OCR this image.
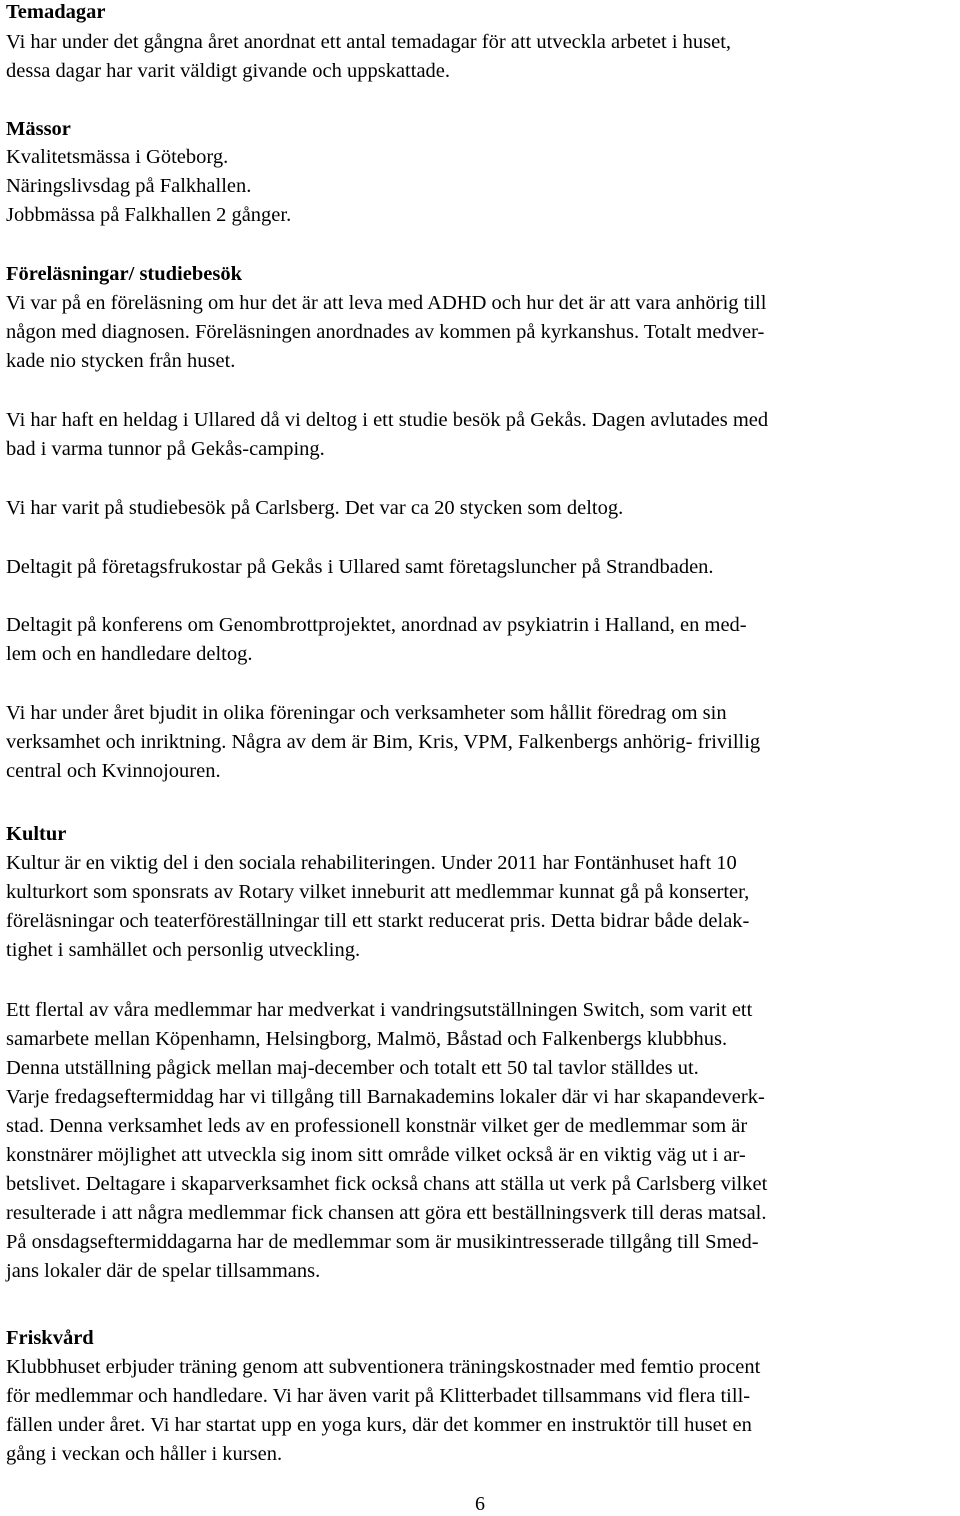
Temadagar
Vi har under det gångna året anordnat ett antal temadagar för att utveckla arbetet i huset,
dessa dagar har varit väldigt givande och uppskattade.
Mässor
Kvalitetsmässa i Göteborg.
Näringslivsdag på Falkhallen.
Jobbmässa på Falkhallen 2 gånger.
Föreläsningar/ studiebesök
Vi var på en föreläsning om hur det är att leva med ADHD och hur det är att vara anhörig till
någon med diagnosen. Föreläsningen anordnades av kommen på kyrkanshus. Totalt medver-
kade nio stycken från huset.
Vi har haft en heldag i Ullared då vi deltog i ett studie besök på Gekås. Dagen avlutades med
bad i varma tunnor på Gekås-camping.
Vi har varit på studiebesök på Carlsberg. Det var ca 20 stycken som deltog.
Deltagit på företagsfrukostar på Gekås i Ullared samt företagsluncher på Strandbaden.
Deltagit på konferens om Genombrottprojektet, anordnad av psykiatrin i Halland, en med-
lem och en handledare deltog.
Vi har under året bjudit in olika föreningar och verksamheter som hållit föredrag om sin
verksamhet och inriktning. Några av dem är Bim, Kris, VPM, Falkenbergs anhörig- frivillig
central och Kvinnojouren.
Kultur
Kultur är en viktig del i den sociala rehabiliteringen. Under 2011 har Fontänhuset haft 10
kulturkort som sponsrats av Rotary vilket inneburit att medlemmar kunnat gå på konserter,
föreläsningar och teaterföreställningar till ett starkt reducerat pris. Detta bidrar både delak-
tighet i samhället och personlig utveckling.
Ett flertal av våra medlemmar har medverkat i vandringsutställningen Switch, som varit ett
samarbete mellan Köpenhamn, Helsingborg, Malmö, Båstad och Falkenbergs klubbhus.
Denna utställning pågick mellan maj-december och totalt ett 50 tal tavlor ställdes ut.
Varje fredagseftermiddag har vi tillgång till Barnakademins lokaler där vi har skapandeverk-
stad. Denna verksamhet leds av en professionell konstnär vilket ger de medlemmar som är
konstnärer möjlighet att utveckla sig inom sitt område vilket också är en viktig väg ut i ar-
betslivet. Deltagare i skaparverksamhet fick också chans att ställa ut verk på Carlsberg vilket
resulterade i att några medlemmar fick chansen att göra ett beställningsverk till deras matsal.
På onsdagseftermiddagarna har de medlemmar som är musikintresserade tillgång till Smed-
jans lokaler där de spelar tillsammans.
Friskvård
Klubbhuset erbjuder träning genom att subventionera träningskostnader med femtio procent
för medlemmar och handledare. Vi har även varit på Klitterbadet tillsammans vid flera till-
fällen under året. Vi har startat upp en yoga kurs, där det kommer en instruktör till huset en
gång i veckan och håller i kursen.
6
